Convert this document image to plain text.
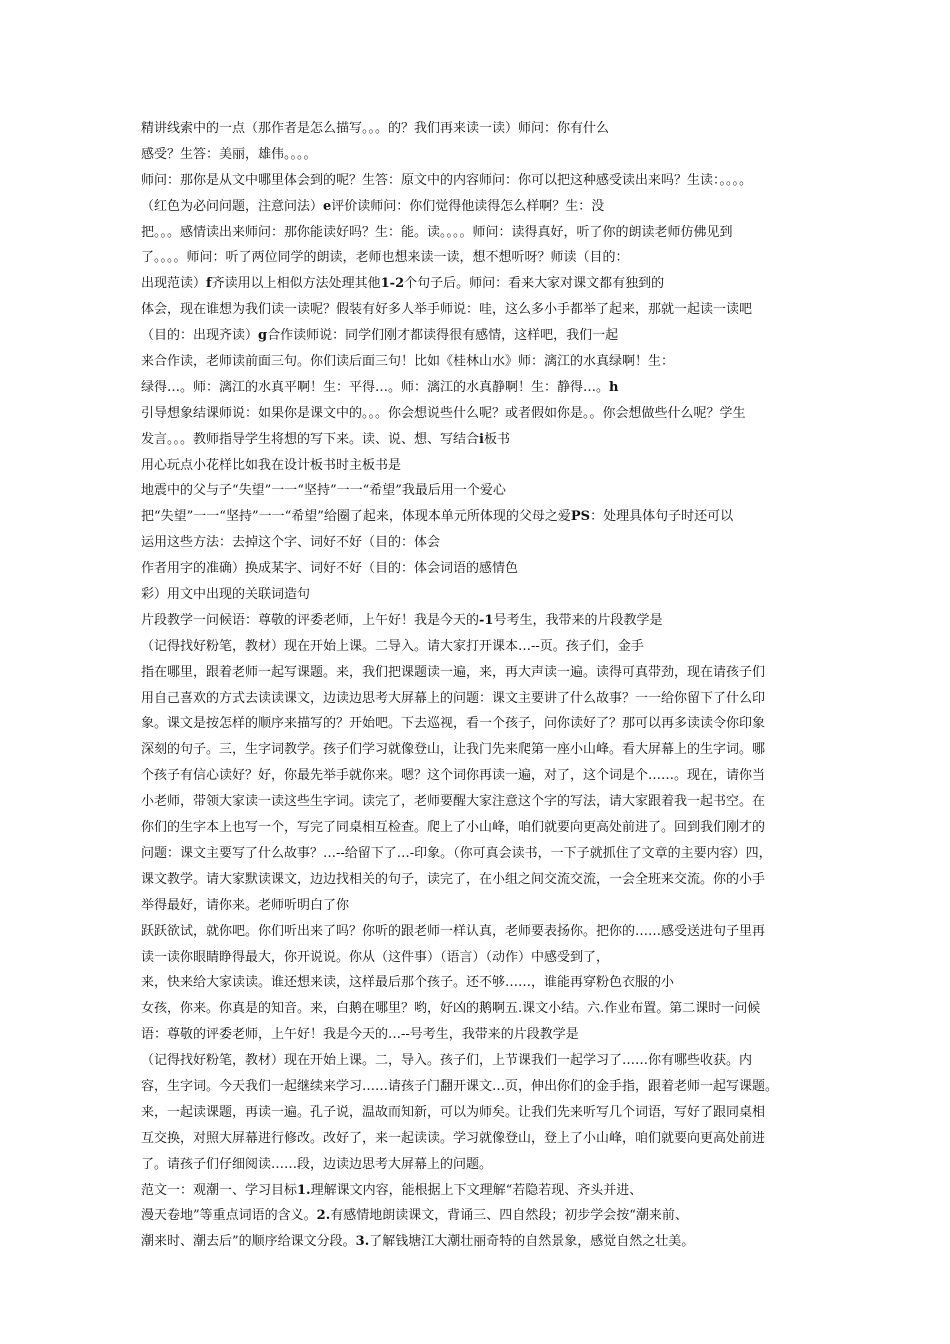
精讲线索中的一点（那作者是怎么描写。。。的？我们再来读一读）师问：你有什么
感受？生答：美丽，雄伟。。。。
师问：那你是从文中哪里体会到的呢？生答：原文中的内容师问：你可以把这种感受读出来吗？生读：。。。。
（红色为必问问题，注意问法）e评价读师问：你们觉得他读得怎么样啊？生：没
把。。。感情读出来师问：那你能读好吗？生：能。读。。。。师问：读得真好，听了你的朗读老师仿佛见到
了。。。。师问：听了两位同学的朗读，老师也想来读一读，想不想听呀？师读（目的：
出现范读）f齐读用以上相似方法处理其他1-2个句子后。师问：看来大家对课文都有独到的
体会，现在谁想为我们读一读呢？假装有好多人举手师说：哇，这么多小手都举了起来，那就一起读一读吧
（目的：出现齐读）g合作读师说：同学们刚才都读得很有感情，这样吧，我们一起
来合作读，老师读前面三句。你们读后面三句！比如《桂林山水》师：漓江的水真绿啊！生：
绿得…。师：漓江的水真平啊！生：平得…。师：漓江的水真静啊！生：静得…。h
引导想象结课师说：如果你是课文中的。。。你会想说些什么呢？或者假如你是。。你会想做些什么呢？学生
发言。。。教师指导学生将想的写下来。读、说、想、写结合i板书
用心玩点小花样比如我在设计板书时主板书是
地震中的父与子“失望”一一“坚持”一一“希望”我最后用一个爱心
把“失望”一一“坚持”一一“希望”给圈了起来，体现本单元所体现的父母之爱PS：处理具体句子时还可以
运用这些方法：去掉这个字、词好不好（目的：体会
作者用字的准确）换成某字、词好不好（目的：体会词语的感情色
彩）用文中出现的关联词造句
片段教学一问候语：尊敬的评委老师，上午好！我是今天的-1号考生，我带来的片段教学是
（记得找好粉笔，教材）现在开始上课。二导入。请大家打开课本…--页。孩子们，金手
指在哪里，跟着老师一起写课题。来，我们把课题读一遍，来，再大声读一遍。读得可真带劲，现在请孩子们
用自己喜欢的方式去读读课文，边读边思考大屏幕上的问题：课文主要讲了什么故事？一一给你留下了什么印
象。课文是按怎样的顺序来描写的？开始吧。下去巡视，看一个孩子，问你读好了？那可以再多读读令你印象
深刻的句子。三，生字词教学。孩子们学习就像登山，让我门先来爬第一座小山峰。看大屏幕上的生字词。哪
个孩子有信心读好？好，你最先举手就你来。嗯？这个词你再读一遍，对了，这个词是个……。现在，请你当
小老师，带领大家读一读这些生字词。读完了，老师要醒大家注意这个字的写法，请大家跟着我一起书空。在
你们的生字本上也写一个，写完了同桌相互检查。爬上了小山峰，咱们就要向更高处前进了。回到我们刚才的
问题：课文主要写了什么故事？…--给留下了…-印象。（你可真会读书，一下子就抓住了文章的主要内容）四，
课文教学。请大家默读课文，边边找相关的句子，读完了，在小组之间交流交流，一会全班来交流。你的小手
举得最好，请你来。老师听明白了你
跃跃欲试，就你吧。你们听出来了吗？你听的跟老师一样认真，老师要表扬你。把你的……感受送进句子里再
读一读你眼睛睁得最大，你开说说。你从（这件事）（语言）（动作）中感受到了，
来，快来给大家读读。谁还想来读，这样最后那个孩子。还不够……，谁能再穿粉色衣服的小
女孩，你来。你真是的知音。来，白鹅在哪里？哟，好凶的鹅啊五.课文小结。六.作业布置。第二课时一问候
语：尊敬的评委老师，上午好！我是今天的…--号考生，我带来的片段教学是
（记得找好粉笔，教材）现在开始上课。二，导入。孩子们，上节课我们一起学习了……你有哪些收获。内
容，生字词。今天我们一起继续来学习……请孩子门翻开课文…页，伸出你们的金手指，跟着老师一起写课题。
来，一起读课题，再读一遍。孔子说，温故而知新，可以为师矣。让我们先来听写几个词语，写好了跟同桌相
互交换，对照大屏幕进行修改。改好了，来一起读读。学习就像登山，登上了小山峰，咱们就要向更高处前进
了。请孩子们仔细阅读……段，边读边思考大屏幕上的问题。
范文一：观潮一、学习目标1.理解课文内容，能根据上下文理解“若隐若现、齐头并进、
漫天卷地”等重点词语的含义。2.有感情地朗读课文，背诵三、四自然段；初步学会按“潮来前、
潮来时、潮去后”的顺序给课文分段。3.了解钱塘江大潮壮丽奇特的自然景象，感觉自然之壮美。
